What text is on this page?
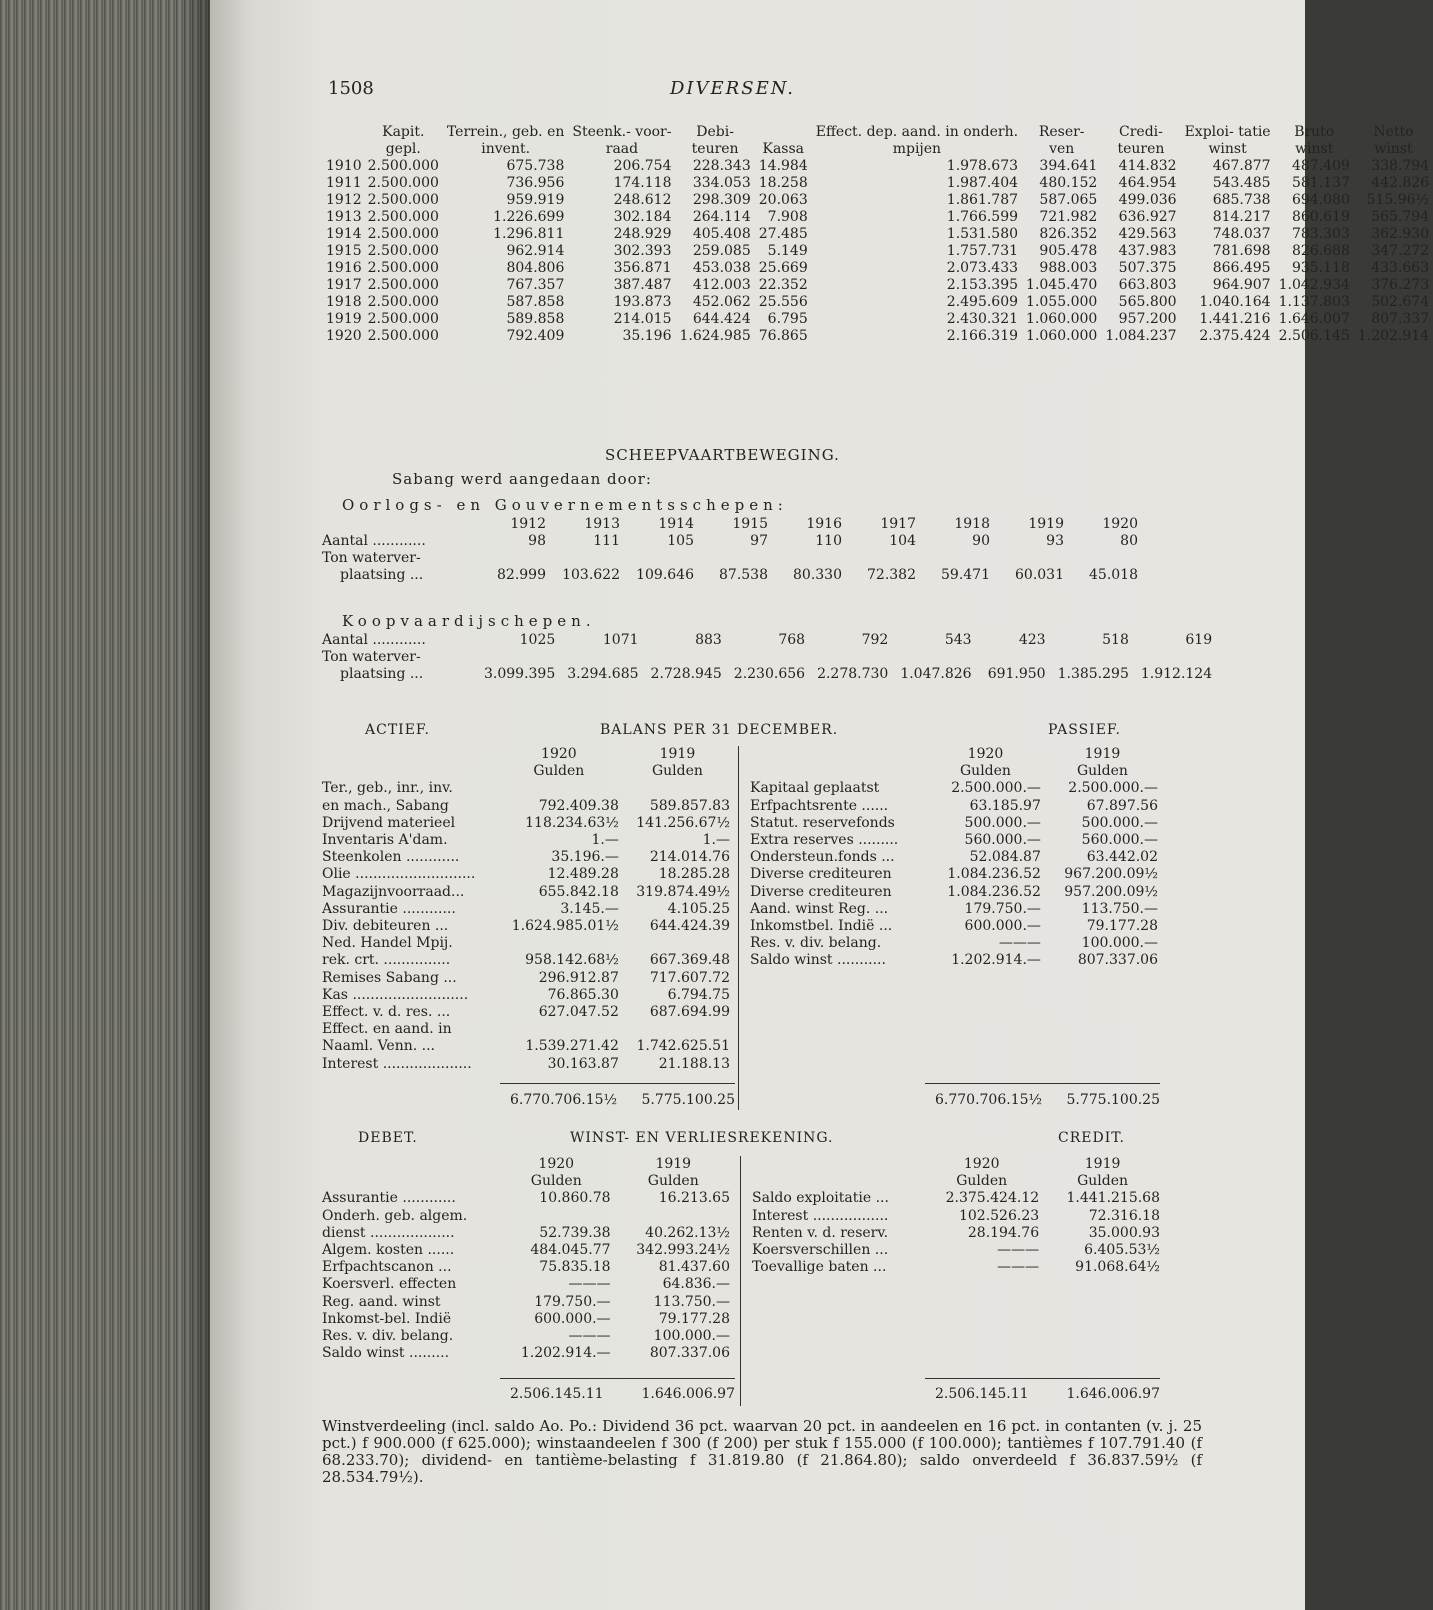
1508	DIVERSEN.
	Kapit.	Terrein., geb. en	Steenk.- voor-	Debi-		Effect. dep. aand. in onderh.	Reser-	Credi-	Exploi- tatie	Bruto	Netto
	gepl.	invent.	raad	teuren	Kassa	mpijen	ven	teuren	winst	winst	winst
1910	2.500.000	675.738	206.754	228.343	14.984	1.978.673	394.641	414.832	467.877	487.409	338.794
1911	2.500.000	736.956	174.118	334.053	18.258	1.987.404	480.152	464.954	543.485	581.137	442.826
1912	2.500.000	959.919	248.612	298.309	20.063	1.861.787	587.065	499.036	685.738	694.080	515.96½
1913	2.500.000	1.226.699	302.184	264.114	7.908	1.766.599	721.982	636.927	814.217	860.619	565.794
1914	2.500.000	1.296.811	248.929	405.408	27.485	1.531.580	826.352	429.563	748.037	783.303	362.930
1915	2.500.000	962.914	302.393	259.085	5.149	1.757.731	905.478	437.983	781.698	826.688	347.272
1916	2.500.000	804.806	356.871	453.038	25.669	2.073.433	988.003	507.375	866.495	935.118	433.663
1917	2.500.000	767.357	387.487	412.003	22.352	2.153.395	1.045.470	663.803	964.907	1.042.934	376.273
1918	2.500.000	587.858	193.873	452.062	25.556	2.495.609	1.055.000	565.800	1.040.164	1.137.803	502.674
1919	2.500.000	589.858	214.015	644.424	6.795	2.430.321	1.060.000	957.200	1.441.216	1.646.007	807.337
1920	2.500.000	792.409	35.196	1.624.985	76.865	2.166.319	1.060.000	1.084.237	2.375.424	2.506.145	1.202.914
SCHEEPVAARTBEWEGING.
Sabang werd aangedaan door:
Oorlogs- en Gouvernementsschepen:
	1912	1913	1914	1915	1916	1917	1918	1919	1920
Aantal ............	98	111	105	97	110	104	90	93	80
Ton waterver-									
plaatsing ...	82.999	103.622	109.646	87.538	80.330	72.382	59.471	60.031	45.018
Koopvaardijschepen.
Aantal ............	1025	1071	883	768	792	543	423	518	619
Ton waterver-									
plaatsing ...	3.099.395	3.294.685	2.728.945	2.230.656	2.278.730	1.047.826	691.950	1.385.295	1.912.124
ACTIEF.	BALANS PER 31 DECEMBER.	PASSIEF.
	1920	1919
	Gulden	Gulden
Ter., geb., inr., inv.		
en mach., Sabang	792.409.38	589.857.83
Drijvend materieel	118.234.63½	141.256.67½
Inventaris A'dam.	1.—	1.—
Steenkolen ............	35.196.—	214.014.76
Olie ...........................	12.489.28	18.285.28
Magazijnvoorraad...	655.842.18	319.874.49½
Assurantie ............	3.145.—	4.105.25
Div. debiteuren ...	1.624.985.01½	644.424.39
Ned. Handel Mpij.		
rek. crt. ...............	958.142.68½	667.369.48
Remises Sabang ...	296.912.87	717.607.72
Kas ..........................	76.865.30	6.794.75
Effect. v. d. res. ...	627.047.52	687.694.99
Effect. en aand. in		
Naaml. Venn. ...	1.539.271.42	1.742.625.51
Interest ....................	30.163.87	21.188.13
6.770.706.15½ 5.775.100.25
	1920	1919
	Gulden	Gulden
Kapitaal geplaatst	2.500.000.—	2.500.000.—
Erfpachtsrente ......	63.185.97	67.897.56
Statut. reservefonds	500.000.—	500.000.—
Extra reserves .........	560.000.—	560.000.—
Ondersteun.fonds ...	52.084.87	63.442.02
Diverse crediteuren	1.084.236.52	967.200.09½
Diverse crediteuren	1.084.236.52	957.200.09½
Aand. winst Reg. ...	179.750.—	113.750.—
Inkomstbel. Indië ...	600.000.—	79.177.28
Res. v. div. belang.	———	100.000.—
Saldo winst ...........	1.202.914.—	807.337.06
6.770.706.15½ 5.775.100.25
DEBET.	WINST- EN VERLIESREKENING.	CREDIT.
	1920	1919
	Gulden	Gulden
Assurantie ............	10.860.78	16.213.65
Onderh. geb. algem.		
dienst ...................	52.739.38	40.262.13½
Algem. kosten ......	484.045.77	342.993.24½
Erfpachtscanon ...	75.835.18	81.437.60
Koersverl. effecten	———	64.836.—
Reg. aand. winst	179.750.—	113.750.—
Inkomst-bel. Indië	600.000.—	79.177.28
Res. v. div. belang.	———	100.000.—
Saldo winst .........	1.202.914.—	807.337.06
2.506.145.11	1.646.006.97
	1920	1919
	Gulden	Gulden
Saldo exploitatie ...	2.375.424.12	1.441.215.68
Interest .................	102.526.23	72.316.18
Renten v. d. reserv.	28.194.76	35.000.93
Koersverschillen ...	———	6.405.53½
Toevallige baten ...	———	91.068.64½
2.506.145.11	1.646.006.97
Winstverdeeling (incl. saldo Ao. Po.: Dividend 36 pct. waarvan 20 pct. in aandeelen en 16 pct. in contanten (v. j. 25 pct.) f 900.000 (f 625.000); winstaandeelen f 300 (f 200) per stuk f 155.000 (f 100.000); tantièmes f 107.791.40 (f 68.233.70); dividend- en tantième-belasting f 31.819.80 (f 21.864.80); saldo onverdeeld f 36.837.59½ (f 28.534.79½).
